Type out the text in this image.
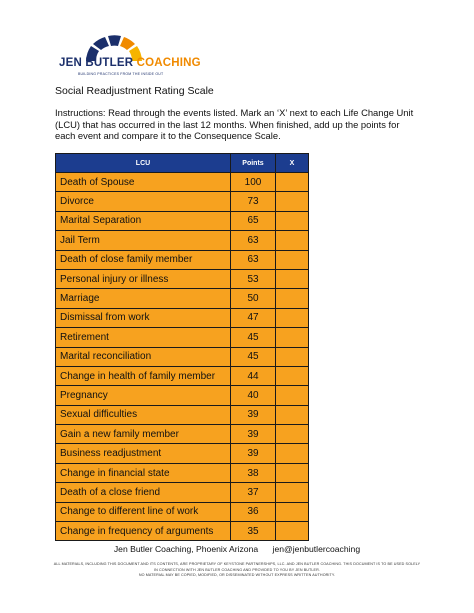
JEN BUTLER COACHING
BUILDING PRACTICES FROM THE INSIDE OUT
Social Readjustment Rating Scale
Instructions: Read through the events listed. Mark an ‘X’ next to each Life Change Unit (LCU) that has occurred in the last 12 months. When finished, add up the points for each event and compare it to the Consequence Scale.
LCU	Points	X
Death of Spouse	100	
Divorce	73	
Marital Separation	65	
Jail Term	63	
Death of close family member	63	
Personal injury or illness	53	
Marriage	50	
Dismissal from work	47	
Retirement	45	
Marital reconciliation	45	
Change in health of family member	44	
Pregnancy	40	
Sexual difficulties	39	
Gain a new family member	39	
Business readjustment	39	
Change in financial state	38	
Death of a close friend	37	
Change to different line of work	36	
Change in frequency of arguments	35	
Jen Butler Coaching, Phoenix Arizona jen@jenbutlercoaching
ALL MATERIALS, INCLUDING THIS DOCUMENT AND ITS CONTENTS, ARE PROPRIETARY OF KEYSTONE PARTNERSHIPS, LLC. AND JEN BUTLER COACHING. THIS DOCUMENT IS TO BE USED SOLELY
IN CONNECTION WITH JEN BUTLER COACHING AND PROVIDED TO YOU BY JEN BUTLER.
NO MATERIAL MAY BE COPIED, MODIFIED, OR DISSEMINATED WITHOUT EXPRESS WRITTEN AUTHORITY.
